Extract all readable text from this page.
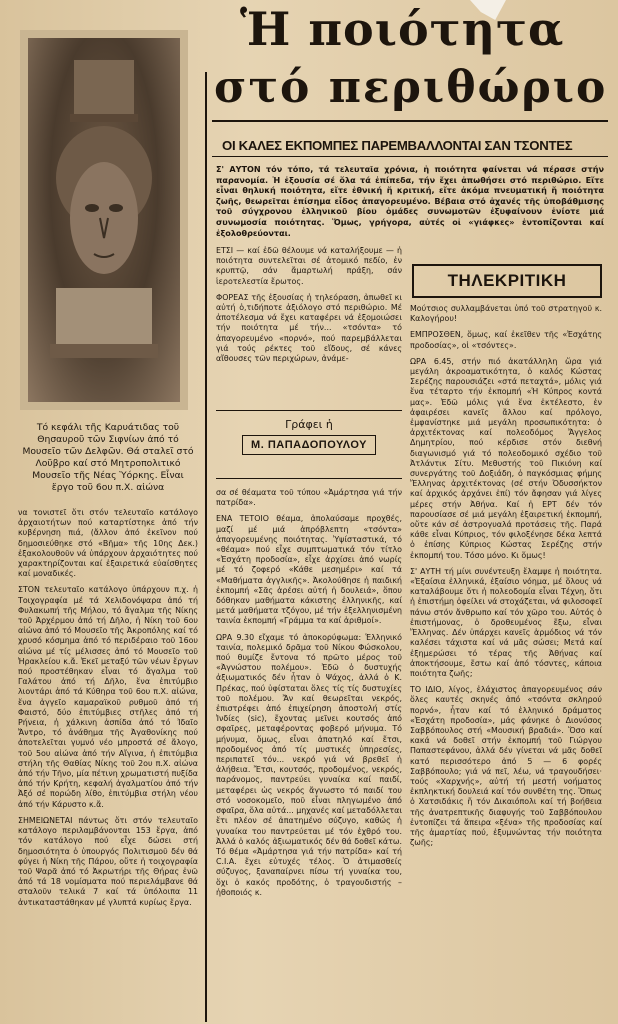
Ἡ ποιότητα
στό περιθώριο
ΟΙ ΚΑΛΕΣ ΕΚΠΟΜΠΕΣ ΠΑΡΕΜΒΑΛΛΟΝΤΑΙ ΣΑΝ ΤΣΟΝΤΕΣ
Τό κεφάλι τῆς Καρυάτιδας τοῦ Θησαυροῦ τῶν Σιφνίων ἀπό τό Μουσεῖο τῶν Δελφῶν. Θά σταλεῖ στό Λοῦβρο καί στό Μητροπολιτικό Μουσεῖο τῆς Νέας Ὑόρκης. Εἶναι ἔργο τοῦ 6ου π.Χ. αἰώνα

να τονιστεῖ ὅτι στόν τελευταῖο κατάλογο ἀρχαιοτήτων πού καταρτίστηκε ἀπό τήν κυβέρνηση πιά, (ἄλλον ἀπό ἐκεῖνον πού δημοσιεύθηκε στό «Βῆμα» τῆς 10ης Δεκ.) ἐξακολουθοῦν νά ὑπάρχουν ἀρχαιότητες πού χαρακτηρίζονται καί ἐξαιρετικά εὐαίσθητες καί μοναδικές.

ΣΤΟΝ τελευταῖο κατάλογο ὑπάρχουν π.χ. ἡ Τοιχογραφία μέ τά Χελιδονόψαρα ἀπό τή Φυλακωπή τῆς Μήλου, τό ἄγαλμα τῆς Νίκης τοῦ Ἀρχέρμου ἀπό τή Δῆλο, ἡ Νίκη τοῦ 6ου αἰώνα ἀπό τό Μουσεῖο τῆς Ἀκροπόλης καί τό χρυσό κόσμημα ἀπό τό περιδέραιο τοῦ 16ου αἰώνα μέ τίς μέλισσες ἀπό τό Μουσεῖο τοῦ Ἡρακλείου κ.ἄ. Ἐκεῖ μεταξύ τῶν νέων ἔργων πού προστέθηκαν εἶναι τό ἄγαλμα τοῦ Γαλάτου ἀπό τή Δῆλο, ἕνα ἐπιτύμβιο λιοντάρι ἀπό τά Κύθηρα τοῦ 6ου π.Χ. αἰώνα, ἕνα ἀγγεῖο καμαραϊκοῦ ρυθμοῦ ἀπό τή Φαιστό, δύο ἐπιτύμβιες στῆλες ἀπό τή Ρήνεια, ἡ χάλκινη ἀσπίδα ἀπό τό Ἰδαῖο Ἄντρο, τό ἀνάθημα τῆς Ἀγαθονίκης πού ἀποτελεῖται γυμνό νέο μπροστά σέ ἄλογο, τοῦ 5ου αἰώνα ἀπό τήν Αἴγινα, ἡ ἐπιτύμβια στήλη τῆς Θαθίας Νίκης τοῦ 2ου π.Χ. αἰώνα ἀπό τήν Τῆνο, μία πέτινη χρωματιστή πυξίδα ἀπό τήν Κρήτη, κεφαλή ἀγαλματίου ἀπό τήν Ἀξό σέ πορώδη λίθο, ἐπιτύμβια στήλη νέου ἀπό τήν Κάρυστο κ.ἄ.

ΣΗΜΕΙΩΝΕΤΑΙ πάντως ὅτι στόν τελευταῖο κατάλογο περιλαμβάνονται 153 ἔργα, ἀπό τόν κατάλογο πού εἶχε δώσει στή δημοσιότητα ὁ ὑπουργός Πολιτισμοῦ δέν θά φύγει ἡ Νίκη τῆς Πάρου, οὔτε ἡ τοιχογραφία τοῦ Ψαρᾶ ἀπό τό Ἀκρωτήρι τῆς Θήρας ἐνῶ ἀπό τά 18 νομίσματα πού περιελάμβανε θά σταλοῦν τελικά 7 καί τά ὑπόλοιπα 11 ἀντικαταστάθηκαν μέ γλυπτά κυρίως ἔργα.

Σ' ΑΥΤΟΝ τόν τόπο, τά τελευταῖα χρόνια, ἡ ποιότητα φαίνεται νά πέρασε στήν παρανομία. Ἡ ἐξουσία σέ ὅλα τά ἐπίπεδα, τήν ἔχει ἀπωθήσει στό περιθώριο. Εἴτε εἶναι θηλυκή ποιότητα, εἴτε ἐθνική ἤ κριτική, εἴτε ἀκόμα πνευματική ἤ ποιότητα ζωῆς, θεωρεῖται ἐπίσημα εἶδος ἀπαγορευμένο. Βέβαια στό ἀχανές τῆς ὑποβάθμισης τοῦ σύγχρονου ἑλληνικοῦ βίου ὁμάδες συνωμοτῶν ἐξυφαίνουν ἐνίοτε μιά συνωμοσία ποιότητας. Ὅμως, γρήγορα, αὐτές οἱ «γιάφκες» ἐντοπίζονται καί ἐξολοθρεύονται.

ΕΤΣΙ — καί ἐδῶ θέλουμε νά καταλήξουμε — ἡ ποιότητα συντελεῖται σέ ἀτομικό πεδίο, ἐν κρυπτῷ, σάν ἄμαρτωλή πράξη, σάν ἱεροτελεστία ἔρωτος.

ΦΟΡΕΑΣ τῆς ἐξουσίας ἡ τηλεόραση, ἀπωθεῖ κι αὐτή ὁ,τιδήποτε ἀξιόλογο στό περιθώριο. Μέ ἀποτέλεσμα νά ἔχει καταφέρει νά ἐξομοιώσει τήν ποιότητα μέ τήν... «τσόντα» τό ἀπαγορευμένο «πορνό», πού παρεμβάλλεται γιά τούς ρέκτες τοῦ εἴδους, σέ κάνες αἴθουσες τῶν περιχώρων, ἀνάμε-

Γράφει ἡ
Μ. ΠΑΠΑΔΟΠΟΥΛΟΥ

σα σέ θέαματα τοῦ τύπου «Ἀμάρτησα γιά τήν πατρίδα».

ΕΝΑ ΤΕΤΟΙΟ θέαμα, ἀπολαύσαμε προχθές, μαζί μέ μιά ἀπρόβλεπτη «τσόντα» ἀπαγορευμένης ποιότητας. Ὑψίσταστικά, τό «θέαμα» πού εἶχε συμπτωματικά τόν τίτλο «Ἐσχάτη προδοσία», εἶχε ἀρχίσει ἀπό νωρίς μέ τό ζοφερό «Κάθε μεσημέρι» καί τά «Μαθήματα ἀγγλικῆς». Ἀκολούθησε ἡ παιδική ἐκπομπή «Σᾶς ἀρέσει αὐτή ἡ δουλειά», ὅπου δόθηκαν μαθήματα κάκιστης ἑλληνικῆς, καί μετά μαθήματα τζόγου, μέ τήν ἐξελληνισμένη ταινία ἐκπομπή «Γράμμα τα καί ἀριθμοί».

ΩΡΑ 9.30 εἴχαμε τό ἀποκορύφωμα: Ἑλληνικό ταινία, πολεμικό δρᾶμα τοῦ Νίκου Φώσκολου, πού θυμίζε ἔντονα τό πρῶτο μέρος τοῦ «Ἀγνώστου πολέμου». Ἐδῶ ὁ δυστυχής ἀξιωματικός δέν ἦταν ὁ Ψάχος, ἀλλά ὁ Κ. Πρέκας, πού ὑφίσταται ὅλες τίς τίς δυστυχίες τοῦ πολέμου. Ἄν καί θεωρεῖται νεκρός, ἐπιστρέφει ἀπό ἐπιχείρηση ἀποστολή στίς Ἰνδίες (sic), ἔχοντας μεῖνει κουτσός ἀπό σφαῖρες, μεταφέροντας φοβερό μήνυμα. Τό μήνυμα, ὅμως, εἶναι ἀπατηλό καί ἔτσι, προδομένος ἀπό τίς μυστικές ὑπηρεσίες, περιπατεῖ τόν... νεκρό γιά νά βρεθεῖ ἡ ἀλήθεια. Ἔτσι, κουτσός, προδομένος, νεκρός, παράνομος, παντρεύει γυναίκα καί παιδί, μεταφέρει ὡς νεκρός ἄγνωστο τό παιδί του στό νοσοκομεῖο, ποῦ εἶναι πληγωμένο ἀπό σφαῖρα, ὅλα αὐτά... μηχανές καί μεταδόλλεται ἔτι πλέον σέ ἀπατημένο σύζυγο, καθώς ἡ γυναίκα του παντρεύεται μέ τόν ἐχθρό του. Ἀλλά ὁ καλός ἀξιωματικός δέν θά δοθεῖ κάτω. Τό θέμα «Ἀμάρτησα γιά τήν πατρίδα» καί τή C.I.A. ἔχει εὐτυχές τέλος. Ὁ ἀτιμασθείς σύζυγος, ξαναπαίρνει πίσω τή γυναίκα του, ὅχι ὁ κακός προδότης, ὁ τραγουδιστής –ἠθοποιός κ.

ΤΗΛΕΚΡΙΤΙΚΗ

Μούτσιος συλλαμβάνεται ὑπό τοῦ στρατηγοῦ κ. Καλογήρου!

ΕΜΠΡΟΣΘΕΝ, ὅμως, καί ἐκεῖθεν τῆς «Ἐσχάτης προδοσίας», οἱ «τσόντες».

ΩΡΑ 6.45, στήν πιό ἀκατάλληλη ὥρα γιά μεγάλη ἀκροαματικότητα, ὁ καλός Κώστας Σερέζης παρουσιάζει «στά πεταχτά», μόλις γιά ἕνα τέταρτο τήν ἐκπομπή «Ἡ Κύπρος κοντά μας». Ἐδῶ μόλις γιά ἕνα ἐκτέλεστο, ἐν ἀφαιρέσει κανεῖς ἄλλου καί πρόλογο, ἐμφανίστηκε μιά μεγάλη προσωπικότητα: ὁ ἀρχιτέκτονας καί πολεοδόμος Ἄγγελος Δημητρίου, πού κέρδισε στόν διεθνή διαγωνισμό γιά τό πολεοδομικό σχέδιο τοῦ Ἀτλάντικ Σίτυ. Μεθυστής τοῦ Πικιόνη καί συνεργάτης τοῦ Δοξιάδη, ὁ παγκόσμιας φήμης Ἕλληνας ἀρχιτέκτονας (σέ στήν Ὀδυσσήκτον καί ἀρχικός ἀρχάνει ἐπί) τόν ἄφησαν γιά λίγες μέρες στήν Ἀθήνα. Καί ἡ ΕΡΤ δέν τόν παρουσίασε σέ μιά μεγάλη ἐξαιρετική ἐκπομπή, οὔτε κάν σέ ἀστρογυαλά προτάσεις τῆς. Παρά κάθε εἶναι Κύπριος, τόν φιλοξένησε δέκα λεπτά ὁ ἐπίσης Κύπριος Κώστας Σερέζης στήν ἐκπομπή του. Τόσο μόνο. Κι ὅμως!

Σ' ΑΥΤΗ τή μίνι συνέντευξη ἔλαμψε ἡ ποιότητα. «Ἐξαίσια ἑλληνικά, ἐξαίσιο νόημα, μέ ὅλους νά καταλάβουμε ὅτι ἡ πολεοδομία εἶναι Τέχνη, ὅτι ἡ ἐπιστήμη ὀφείλει νά στοχάζεται, νά φιλοσοφεῖ πάνω στόν ἄνθρωπο καί τόν χῶρο του. Αὐτός ὁ ἐπιστήμονας, ὁ δροθευμένος ἔξω, εἶναι Ἕλληνας. Δέν ὑπάρχει κανεῖς ἁρμόδιος νά τόν καλέσει τάχιστα καί νά μᾶς σώσει; Μετά καί ἐξημερώσει τό τέρας τῆς Ἀθήνας καί ἀποκτήσουμε, ἔστω καί ἀπό τόσντες, κάποια ποιότητα ζωῆς;

ΤΟ ΙΔΙΟ, λίγος, ἐλάχιστος ἀπαγορευμένος σάν ὅλες καυτές σκηνές ἀπό «τσόντα σκληρού πορνό», ἦταν καί τό ἑλληνικό δράματος «Ἐσχάτη προδοσία», μάς φάνηκε ὁ Διονύσος Σαββόπουλος στή «Μουσική βραδιά». Ὅσο καί κακά νά δοθεῖ στήν ἐκπομπή τοῦ Γιώργου Παπαστεφάνου, ἀλλά δέν γίνεται νά μᾶς δοθεῖ κατό περισσότερο ἀπό 5 — 6 φορές Σαββόπουλο; γιά νά πεῖ, λέω, νά τραγουδήσει· τούς «Χαρχνής», αὐτή τή μεστή νοήματος ἐκπληκτική δουλειά καί τόν συνθέτη της. Ὅπως ὁ Χατσιδάκις ἤ τόν Δικαιόπολι καί τή βοήθεια τῆς ἀνατρεπτικῆς διαφυγής τοῦ Σαββόπουλου ἐντοπίζει τά ἄπειρα «ξένα» τῆς προδοσίας καί τῆς ἀμαρτίας πού, ἐξυμνώντας τήν ποιότητα ζωῆς;
